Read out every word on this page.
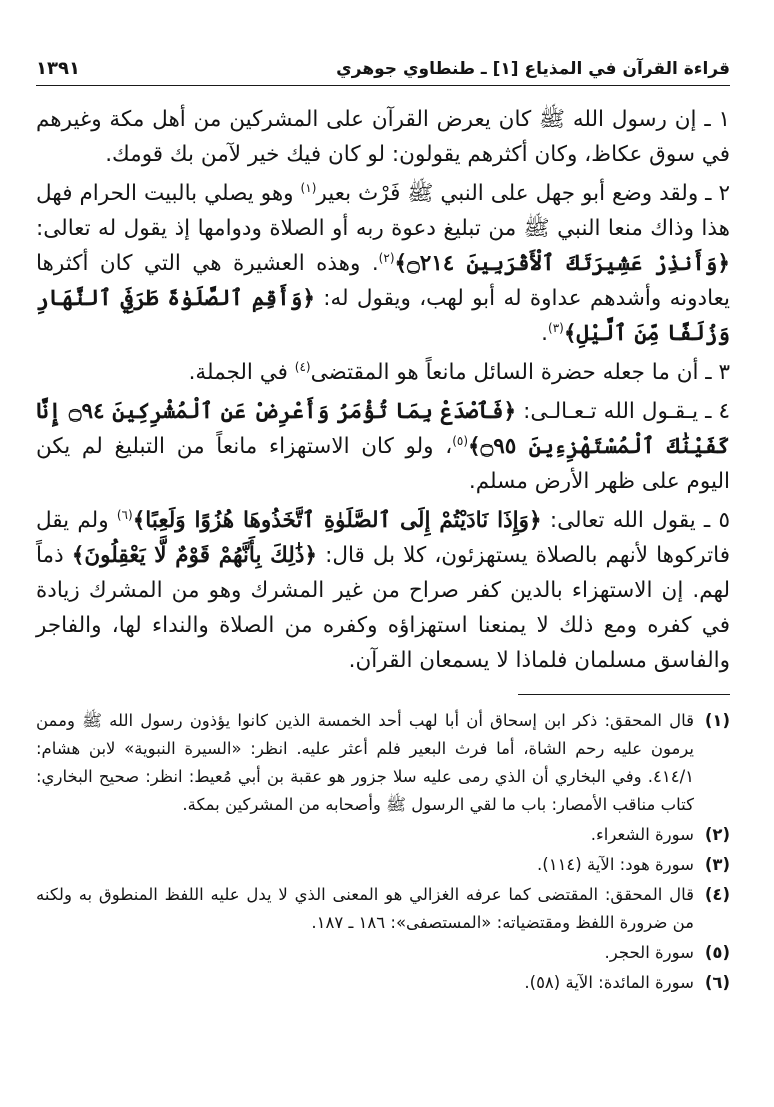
قراءة القرآن في المذياع [١] ـ طنطاوي جوهري
١٣٩١

١ ـ إن رسول الله ﷺ كان يعرض القرآن على المشركين من أهل مكة وغيرهم في سوق عكاظ، وكان أكثرهم يقولون: لو كان فيك خير لآمن بك قومك.

٢ ـ ولقد وضع أبو جهل على النبي ﷺ فَرْث بعير$^{(١)}$ وهو يصلي بالبيت الحرام فهل هذا وذاك منعا النبي ﷺ من تبليغ دعوة ربه أو الصلاة ودوامها إذ يقول له تعالى: ﴿وَأَنذِرْ عَشِيرَتَكَ ٱلْأَقْرَبِينَ ۝٢١٤﴾$^{(٢)}$. وهذه العشيرة هي التي كان أكثرها يعادونه وأشدهم عداوة له أبو لهب، ويقول له: ﴿وَأَقِمِ ٱلصَّلَوٰةَ طَرَفَيِ ٱلنَّهَارِ وَزُلَفًا مِّنَ ٱلَّيْلِ﴾$^{(٣)}$.

٣ ـ أن ما جعله حضرة السائل مانعاً هو المقتضى$^{(٤)}$ في الجملة.

٤ ـ يـقـول الله تـعـالـى: ﴿فَٱصْدَعْ بِمَا تُؤْمَرُ وَأَعْرِضْ عَنِ ٱلْمُشْرِكِينَ ۝٩٤ إِنَّا كَفَيْنَٰكَ ٱلْمُسْتَهْزِءِينَ ۝٩٥﴾$^{(٥)}$، ولو كان الاستهزاء مانعاً من التبليغ لم يكن اليوم على ظهر الأرض مسلم.

٥ ـ يقول الله تعالى: ﴿وَإِذَا نَادَيْتُمْ إِلَى ٱلصَّلَوٰةِ ٱتَّخَذُوهَا هُزُوًا وَلَعِبًا﴾$^{(٦)}$ ولم يقل فاتركوها لأنهم بالصلاة يستهزئون، كلا بل قال: ﴿ذَٰلِكَ بِأَنَّهُمْ قَوْمٌ لَّا يَعْقِلُونَ﴾ ذماً لهم. إن الاستهزاء بالدين كفر صراح من غير المشرك وهو من المشرك زيادة في كفره ومع ذلك لا يمنعنا استهزاؤه وكفره من الصلاة والنداء لها، والفاجر والفاسق مسلمان فلماذا لا يسمعان القرآن.

(١)
قال المحقق: ذكر ابن إسحاق أن أبا لهب أحد الخمسة الذين كانوا يؤذون رسول الله ﷺ وممن يرمون عليه رحم الشاة، أما فرث البعير فلم أعثر عليه. انظر: «السيرة النبوية» لابن هشام: ٤١٤/١. وفي البخاري أن الذي رمى عليه سلا جزور هو عقبة بن أبي مُعيط: انظر: صحيح البخاري: كتاب مناقب الأمصار: باب ما لقي الرسول ﷺ وأصحابه من المشركين بمكة.
(٢)
سورة الشعراء.
(٣)
سورة هود: الآية (١١٤).
(٤)
قال المحقق: المقتضى كما عرفه الغزالي هو المعنى الذي لا يدل عليه اللفظ المنطوق به ولكنه من ضرورة اللفظ ومقتضياته: «المستصفى»: ١٨٦ ـ ١٨٧.
(٥)
سورة الحجر.
(٦)
سورة المائدة: الآية (٥٨).
